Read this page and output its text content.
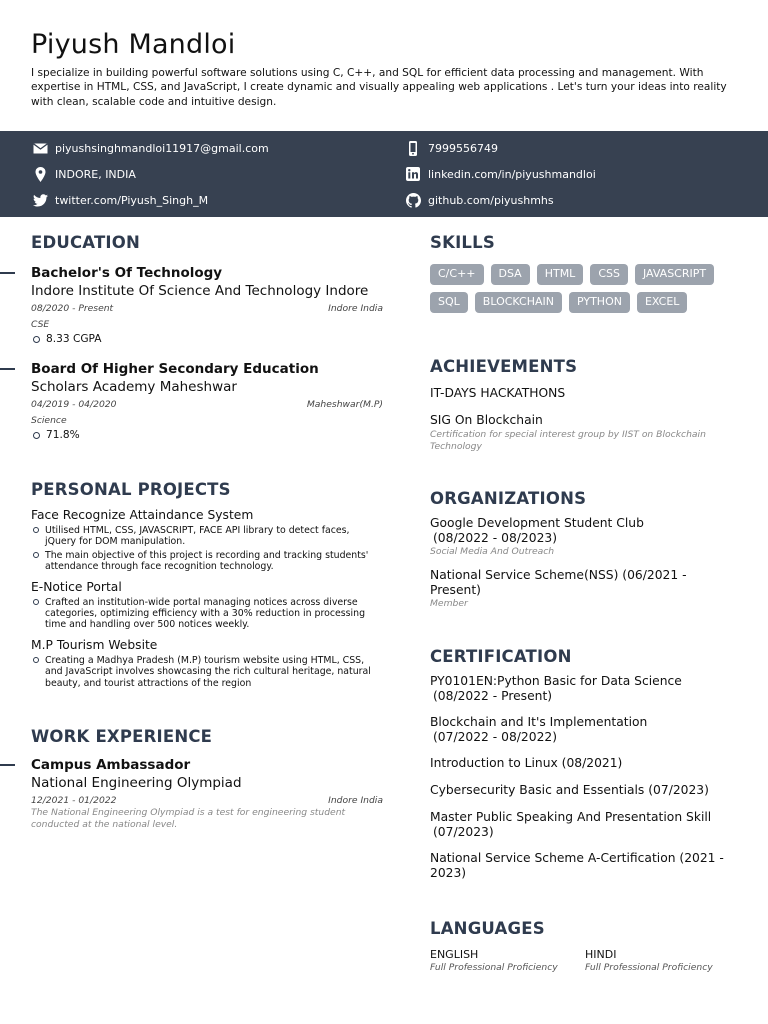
Piyush Mandloi
I specialize in building powerful software solutions using C, C++, and SQL for efficient data processing and management. With expertise in HTML, CSS, and JavaScript, I create dynamic and visually appealing web applications . Let's turn your ideas into reality with clean, scalable code and intuitive design.
piyushsinghmandloi11917@gmail.com	7999556749
INDORE, INDIA	linkedin.com/in/piyushmandloi
twitter.com/Piyush_Singh_M	github.com/piyushmhs
EDUCATION
Bachelor's Of Technology
Indore Institute Of Science And Technology Indore
08/2020 - Present	Indore India
CSE
8.33 CGPA
Board Of Higher Secondary Education
Scholars Academy Maheshwar
04/2019 - 04/2020	Maheshwar(M.P)
Science
71.8%
PERSONAL PROJECTS
Face Recognize Attaindance System
Utilised HTML, CSS, JAVASCRIPT, FACE API library to detect faces, jQuery for DOM manipulation.
The main objective of this project is recording and tracking students' attendance through face recognition technology.
E-Notice Portal
Crafted an institution-wide portal managing notices across diverse categories, optimizing efficiency with a 30% reduction in processing time and handling over 500 notices weekly.
M.P Tourism Website
Creating a Madhya Pradesh (M.P) tourism website using HTML, CSS, and JavaScript involves showcasing the rich cultural heritage, natural beauty, and tourist attractions of the region
WORK EXPERIENCE
Campus Ambassador
National Engineering Olympiad
12/2021 - 01/2022	Indore India
The National Engineering Olympiad is a test for engineering student conducted at the national level.
SKILLS
C/C++	DSA	HTML	CSS	JAVASCRIPT
SQL	BLOCKCHAIN	PYTHON	EXCEL
ACHIEVEMENTS
IT-DAYS HACKATHONS
SIG On Blockchain
Certification for special interest group by IIST on Blockchain Technology
ORGANIZATIONS
Google Development Student Club
(08/2022 - 08/2023)
Social Media And Outreach
National Service Scheme(NSS) (06/2021 - Present)
Member
CERTIFICATION
PY0101EN:Python Basic for Data Science
(08/2022 - Present)
Blockchain and It's Implementation
(07/2022 - 08/2022)
Introduction to Linux (08/2021)
Cybersecurity Basic and Essentials (07/2023)
Master Public Speaking And Presentation Skill
(07/2023)
National Service Scheme A-Certification (2021 - 2023)
LANGUAGES
ENGLISH
Full Professional Proficiency
HINDI
Full Professional Proficiency
